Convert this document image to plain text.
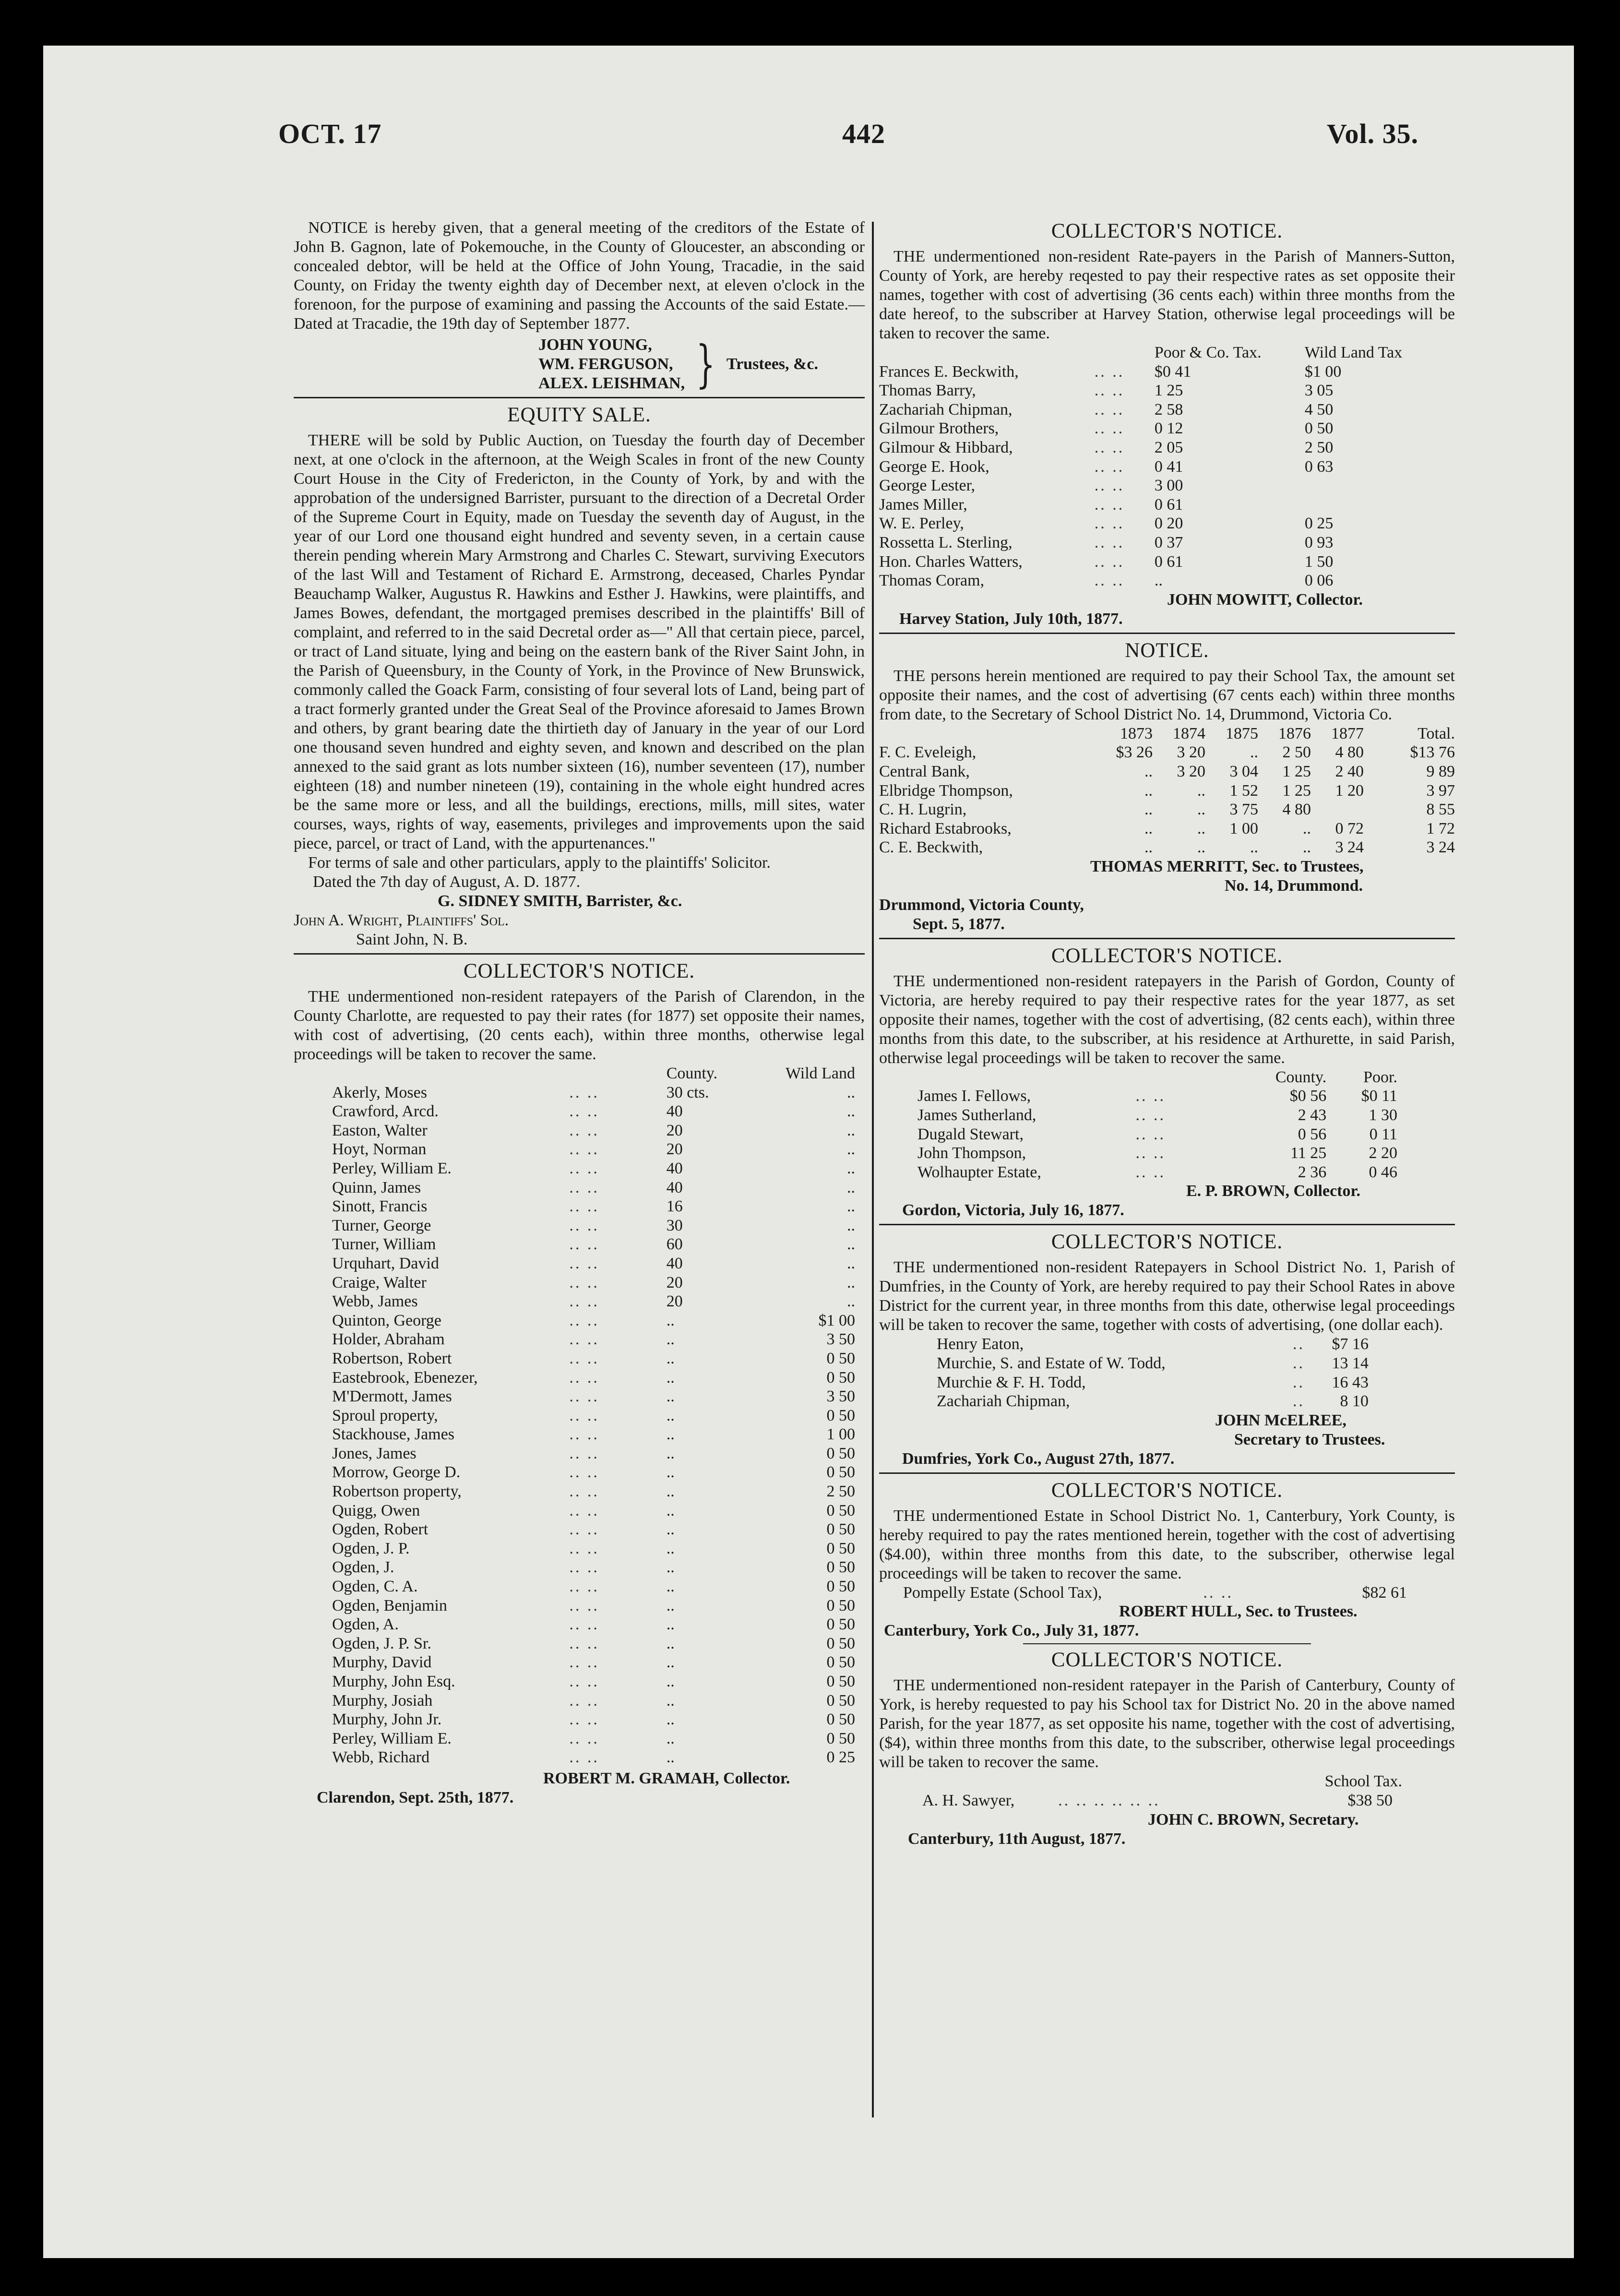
OCT. 17	442	Vol. 35.

NOTICE is hereby given, that a general meeting of the creditors of the Estate of John B. Gagnon, late of Pokemouche, in the County of Gloucester, an absconding or concealed debtor, will be held at the Office of John Young, Tracadie, in the said County, on Friday the twenty eighth day of December next, at eleven o'clock in the forenoon, for the purpose of examining and passing the Accounts of the said Estate.—Dated at Tracadie, the 19th day of September 1877.

JOHN YOUNG,
WM. FERGUSON,
ALEX. LEISHMAN, } Trustees, &c.
EQUITY SALE.

THERE will be sold by Public Auction, on Tuesday the fourth day of December next, at one o'clock in the afternoon, at the Weigh Scales in front of the new County Court House in the City of Fredericton, in the County of York, by and with the approbation of the undersigned Barrister, pursuant to the direction of a Decretal Order of the Supreme Court in Equity, made on Tuesday the seventh day of August, in the year of our Lord one thousand eight hundred and seventy seven, in a certain cause therein pending wherein Mary Armstrong and Charles C. Stewart, surviving Executors of the last Will and Testament of Richard E. Armstrong, deceased, Charles Pyndar Beauchamp Walker, Augustus R. Hawkins and Esther J. Hawkins, were plaintiffs, and James Bowes, defendant, the mortgaged premises described in the plaintiffs' Bill of complaint, and referred to in the said Decretal order as—" All that certain piece, parcel, or tract of Land situate, lying and being on the eastern bank of the River Saint John, in the Parish of Queensbury, in the County of York, in the Province of New Brunswick, commonly called the Goack Farm, consisting of four several lots of Land, being part of a tract formerly granted under the Great Seal of the Province aforesaid to James Brown and others, by grant bearing date the thirtieth day of January in the year of our Lord one thousand seven hundred and eighty seven, and known and described on the plan annexed to the said grant as lots number sixteen (16), number seventeen (17), number eighteen (18) and number nineteen (19), containing in the whole eight hundred acres be the same more or less, and all the buildings, erections, mills, mill sites, water courses, ways, rights of way, easements, privileges and improvements upon the said piece, parcel, or tract of Land, with the appurtenances."

For terms of sale and other particulars, apply to the plaintiffs' Solicitor.

Dated the 7th day of August, A. D. 1877.

G. SIDNEY SMITH, Barrister, &c.

John A. Wright, Plaintiffs' Sol.

Saint John, N. B.

COLLECTOR'S NOTICE.

THE undermentioned non-resident ratepayers of the Parish of Clarendon, in the County Charlotte, are requested to pay their rates (for 1877) set opposite their names, with cost of advertising, (20 cents each), within three months, otherwise legal proceedings will be taken to recover the same.

		County.	Wild Land
Akerly, Moses	.. ..	30 cts.	..
Crawford, Arcd.	.. ..	40	..
Easton, Walter	.. ..	20	..
Hoyt, Norman	.. ..	20	..
Perley, William E.	.. ..	40	..
Quinn, James	.. ..	40	..
Sinott, Francis	.. ..	16	..
Turner, George	.. ..	30	..
Turner, William	.. ..	60	..
Urquhart, David	.. ..	40	..
Craige, Walter	.. ..	20	..
Webb, James	.. ..	20	..
Quinton, George	.. ..	..	$1 00
Holder, Abraham	.. ..	..	3 50
Robertson, Robert	.. ..	..	0 50
Eastebrook, Ebenezer,	.. ..	..	0 50
M'Dermott, James	.. ..	..	3 50
Sproul property,	.. ..	..	0 50
Stackhouse, James	.. ..	..	1 00
Jones, James	.. ..	..	0 50
Morrow, George D.	.. ..	..	0 50
Robertson property,	.. ..	..	2 50
Quigg, Owen	.. ..	..	0 50
Ogden, Robert	.. ..	..	0 50
Ogden, J. P.	.. ..	..	0 50
Ogden, J.	.. ..	..	0 50
Ogden, C. A.	.. ..	..	0 50
Ogden, Benjamin	.. ..	..	0 50
Ogden, A.	.. ..	..	0 50
Ogden, J. P. Sr.	.. ..	..	0 50
Murphy, David	.. ..	..	0 50
Murphy, John Esq.	.. ..	..	0 50
Murphy, Josiah	.. ..	..	0 50
Murphy, John Jr.	.. ..	..	0 50
Perley, William E.	.. ..	..	0 50
Webb, Richard	.. ..	..	0 25

ROBERT M. GRAMAH, Collector.

Clarendon, Sept. 25th, 1877.

COLLECTOR'S NOTICE.

THE undermentioned non-resident Rate-payers in the Parish of Manners-Sutton, County of York, are hereby reqested to pay their respective rates as set opposite their names, together with cost of advertising (36 cents each) within three months from the date hereof, to the subscriber at Harvey Station, otherwise legal proceedings will be taken to recover the same.

		Poor & Co. Tax.	Wild Land Tax
Frances E. Beckwith,	.. ..	$0 41	$1 00
Thomas Barry,	.. ..	1 25	3 05
Zachariah Chipman,	.. ..	2 58	4 50
Gilmour Brothers,	.. ..	0 12	0 50
Gilmour & Hibbard,	.. ..	2 05	2 50
George E. Hook,	.. ..	0 41	0 63
George Lester,	.. ..	3 00	
James Miller,	.. ..	0 61	
W. E. Perley,	.. ..	0 20	0 25
Rossetta L. Sterling,	.. ..	0 37	0 93
Hon. Charles Watters,	.. ..	0 61	1 50
Thomas Coram,	.. ..	..	0 06

JOHN MOWITT, Collector.

Harvey Station, July 10th, 1877.

NOTICE.

THE persons herein mentioned are required to pay their School Tax, the amount set opposite their names, and the cost of advertising (67 cents each) within three months from date, to the Secretary of School District No. 14, Drummond, Victoria Co.

	1873	1874	1875	1876	1877	Total.
F. C. Eveleigh,	$3 26	3 20	..	2 50	4 80	$13 76
Central Bank,	..	3 20	3 04	1 25	2 40	9 89
Elbridge Thompson,	..	..	1 52	1 25	1 20	3 97
C. H. Lugrin,	..	..	3 75	4 80		8 55
Richard Estabrooks,	..	..	1 00	..	0 72	1 72
C. E. Beckwith,	..	..	..	..	3 24	3 24

THOMAS MERRITT, Sec. to Trustees,

No. 14, Drummond.

Drummond, Victoria County,

Sept. 5, 1877.

COLLECTOR'S NOTICE.

THE undermentioned non-resident ratepayers in the Parish of Gordon, County of Victoria, are hereby required to pay their respective rates for the year 1877, as set opposite their names, together with the cost of advertising, (82 cents each), within three months from this date, to the subscriber, at his residence at Arthurette, in said Parish, otherwise legal proceedings will be taken to recover the same.

		County.	Poor.
James I. Fellows,	.. ..	$0 56	$0 11
James Sutherland,	.. ..	2 43	1 30
Dugald Stewart,	.. ..	0 56	0 11
John Thompson,	.. ..	11 25	2 20
Wolhaupter Estate,	.. ..	2 36	0 46

E. P. BROWN, Collector.

Gordon, Victoria, July 16, 1877.

COLLECTOR'S NOTICE.

THE undermentioned non-resident Ratepayers in School District No. 1, Parish of Dumfries, in the County of York, are hereby required to pay their School Rates in above District for the current year, in three months from this date, otherwise legal proceedings will be taken to recover the same, together with costs of advertising, (one dollar each).

Henry Eaton,	..	$7 16
Murchie, S. and Estate of W. Todd,	..	13 14
Murchie & F. H. Todd,	..	16 43
Zachariah Chipman,	..	8 10

JOHN McELREE,

Secretary to Trustees.

Dumfries, York Co., August 27th, 1877.

COLLECTOR'S NOTICE.

THE undermentioned Estate in School District No. 1, Canterbury, York County, is hereby required to pay the rates mentioned herein, together with the cost of advertising ($4.00), within three months from this date, to the subscriber, otherwise legal proceedings will be taken to recover the same.

Pompelly Estate (School Tax),	.. ..	$82 61

ROBERT HULL, Sec. to Trustees.

Canterbury, York Co., July 31, 1877.

COLLECTOR'S NOTICE.

THE undermentioned non-resident ratepayer in the Parish of Canterbury, County of York, is hereby requested to pay his School tax for District No. 20 in the above named Parish, for the year 1877, as set opposite his name, together with the cost of advertising, ($4), within three months from this date, to the subscriber, otherwise legal proceedings will be taken to recover the same.

School Tax.

A. H. Sawyer,	.. .. .. .. .. ..	$38 50

JOHN C. BROWN, Secretary.

Canterbury, 11th August, 1877.
